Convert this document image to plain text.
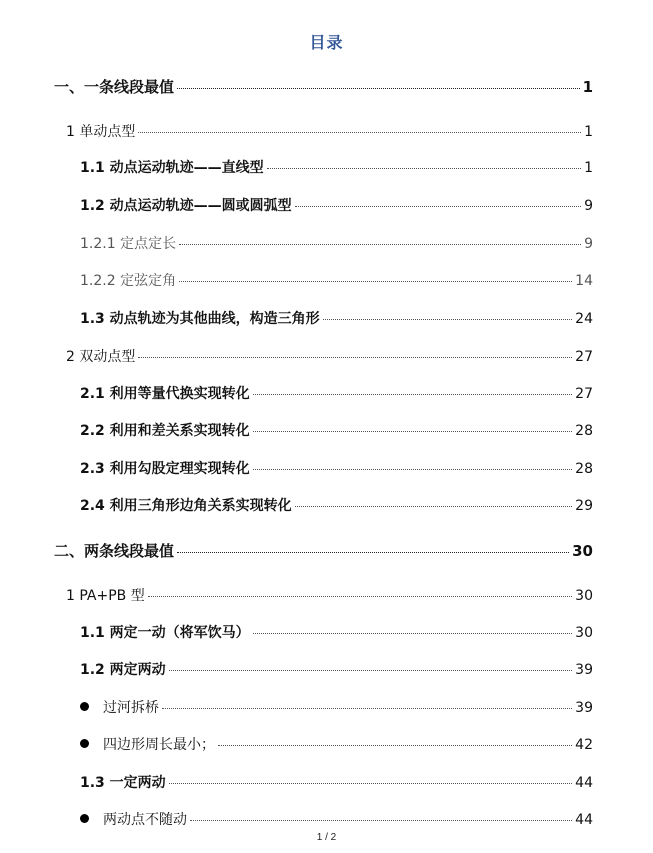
目录
一、一条线段最值	1
1 单动点型	1
1.1 动点运动轨迹——直线型	1
1.2 动点运动轨迹——圆或圆弧型	9
1.2.1 定点定长	9
1.2.2 定弦定角	14
1.3 动点轨迹为其他曲线，构造三角形	24
2 双动点型	27
2.1 利用等量代换实现转化	27
2.2 利用和差关系实现转化	28
2.3 利用勾股定理实现转化	28
2.4 利用三角形边角关系实现转化	29
二、两条线段最值	30
1 PA+PB 型	30
1.1 两定一动（将军饮马）	30
1.2 两定两动	39
过河拆桥	39
四边形周长最小；	42
1.3 一定两动	44
两动点不随动	44
1 / 2
